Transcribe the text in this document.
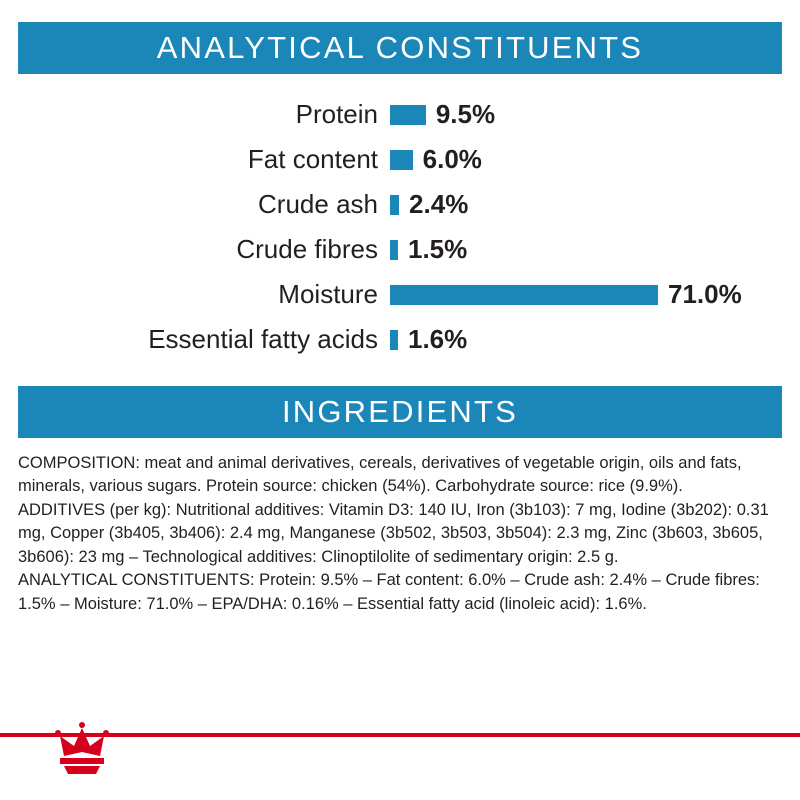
ANALYTICAL CONSTITUENTS
Protein	9.5%
Fat content	6.0%
Crude ash	2.4%
Crude fibres	1.5%
Moisture	71.0%
Essential fatty acids	1.6%
INGREDIENTS

COMPOSITION: meat and animal derivatives, cereals, derivatives of vegetable origin, oils and fats, minerals, various sugars. Protein source: chicken (54%). Carbohydrate source: rice (9.9%).

ADDITIVES (per kg): Nutritional additives: Vitamin D3: 140 IU, Iron (3b103): 7 mg, Iodine (3b202): 0.31 mg, Copper (3b405, 3b406): 2.4 mg, Manganese (3b502, 3b503, 3b504): 2.3 mg, Zinc (3b603, 3b605, 3b606): 23 mg – Technological additives: Clinoptilolite of sedimentary origin: 2.5 g.

ANALYTICAL CONSTITUENTS: Protein: 9.5% – Fat content: 6.0% – Crude ash: 2.4% – Crude fibres: 1.5% – Moisture: 71.0% – EPA/DHA: 0.16% – Essential fatty acid (linoleic acid): 1.6%.
